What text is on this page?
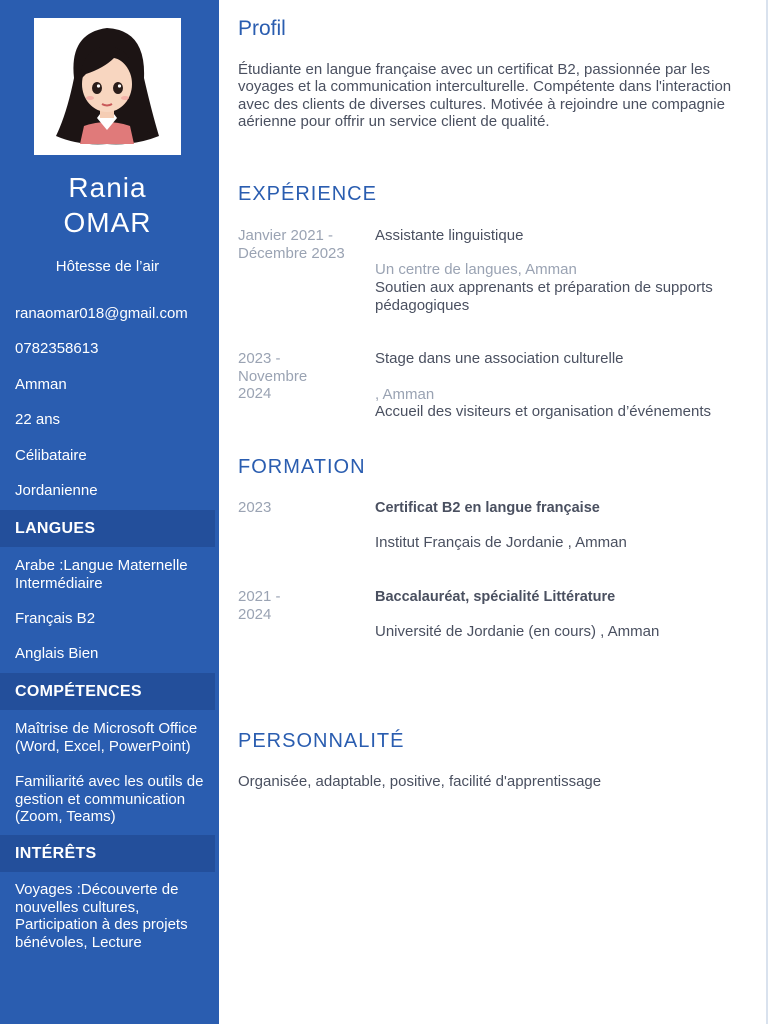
Rania
OMAR
Hôtesse de l’air
ranaomar018@gmail.com
0782358613
Amman
22 ans
Célibataire
Jordanienne
LANGUES
Arabe :Langue Maternelle Intermédiaire
Français B2
Anglais Bien
COMPÉTENCES
Maîtrise de Microsoft Office (Word, Excel, PowerPoint)
Familiarité avec les outils de gestion et communication (Zoom, Teams)
INTÉRÊTS
Voyages :Découverte de nouvelles cultures, Participation à des projets bénévoles, Lecture
Profil
Étudiante en langue française avec un certificat B2, passionnée par les voyages et la communication interculturelle. Compétente dans l'interaction avec des clients de diverses cultures. Motivée à rejoindre une compagnie aérienne pour offrir un service client de qualité.
EXPÉRIENCE
Janvier 2021 - Décembre 2023
Assistante linguistique
Un centre de langues, Amman
Soutien aux apprenants et préparation de supports pédagogiques
2023 - Novembre 2024
Stage dans une association culturelle
, Amman
Accueil des visiteurs et organisation d’événements
FORMATION
2023	Certificat B2 en langue française
Institut Français de Jordanie , Amman
2021 - 2024
Baccalauréat, spécialité Littérature
Université de Jordanie (en cours) , Amman
PERSONNALITÉ
Organisée, adaptable, positive, facilité d'apprentissage
